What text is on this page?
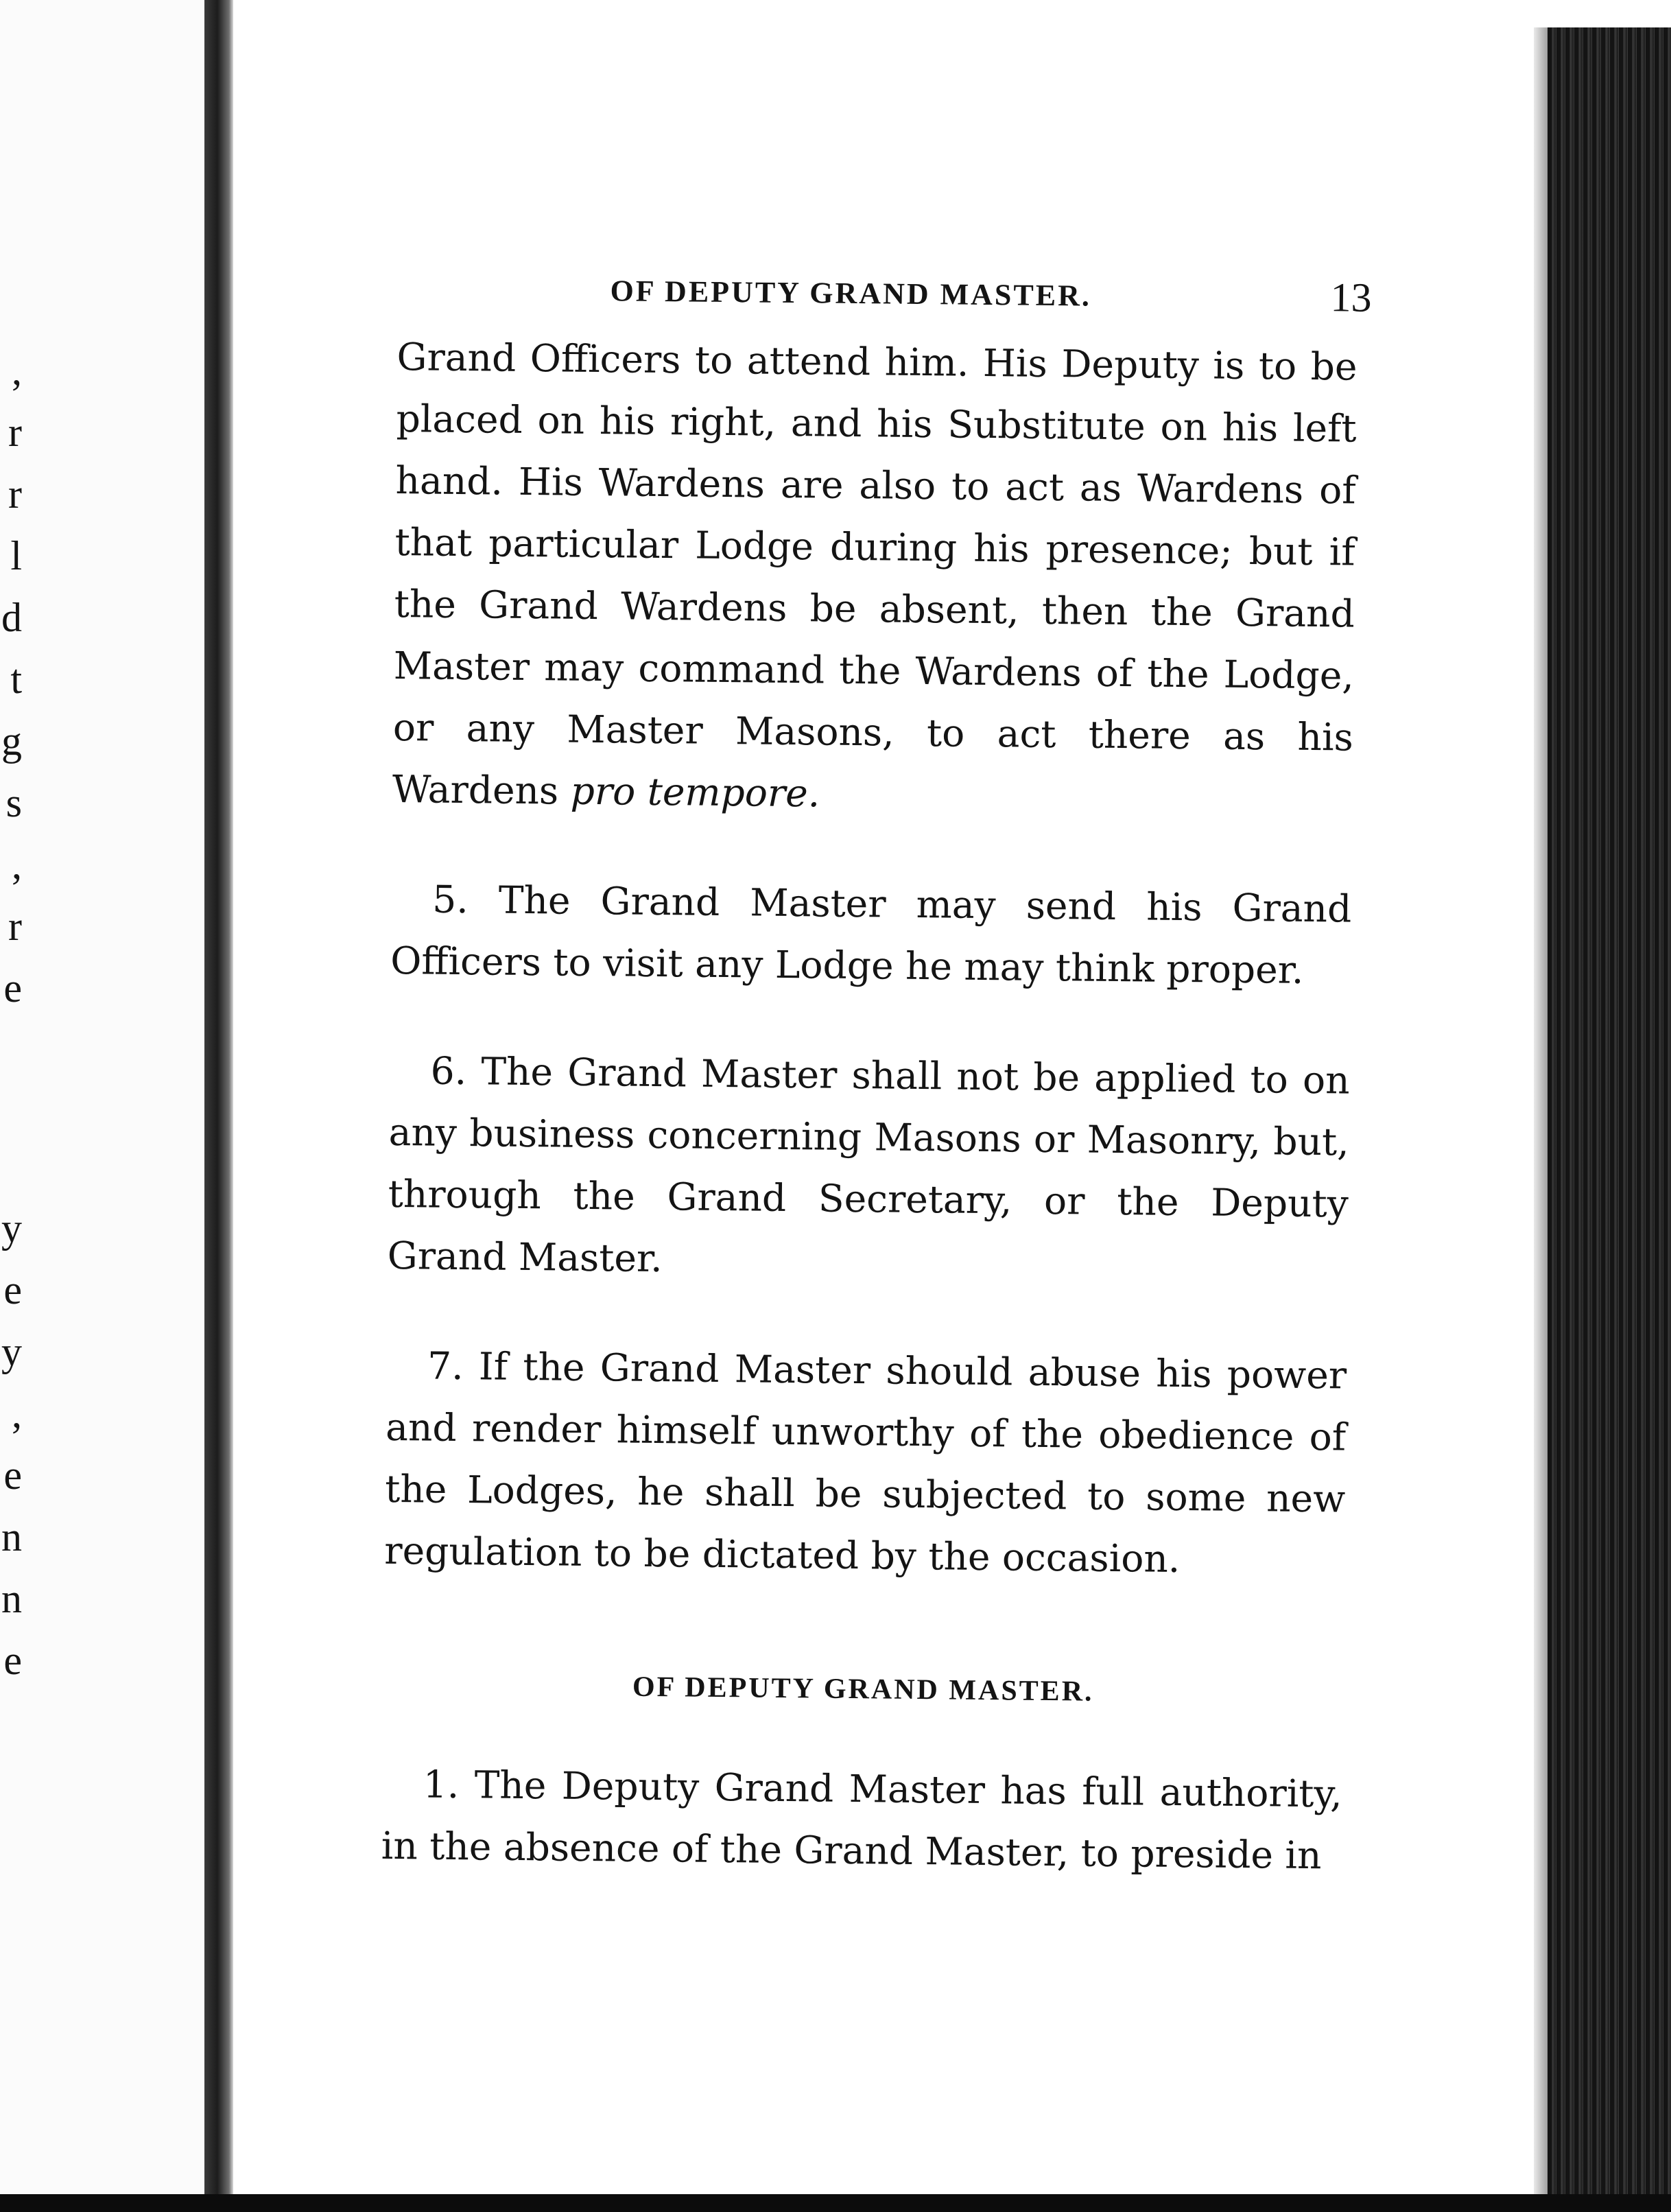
,
r
r
l
d
t
g
s
,
r
e
y
e
y
,
e
n
n
e
OF DEPUTY GRAND MASTER.	13

Grand Officers to attend him. His Deputy is to be placed on his right, and his Substitute on his left hand. His Wardens are also to act as Wardens of that particular Lodge during his presence; but if the Grand Wardens be absent, then the Grand Master may command the Wardens of the Lodge, or any Master Masons, to act there as his Wardens pro tempore.

5. The Grand Master may send his Grand Officers to visit any Lodge he may think proper.

6. The Grand Master shall not be applied to on any business concerning Masons or Masonry, but, through the Grand Secretary, or the Deputy Grand Master.

7. If the Grand Master should abuse his power and render himself unworthy of the obedience of the Lodges, he shall be subjected to some new regulation to be dictated by the occasion.

OF DEPUTY GRAND MASTER.

1. The Deputy Grand Master has full authority, in the absence of the Grand Master, to preside in
